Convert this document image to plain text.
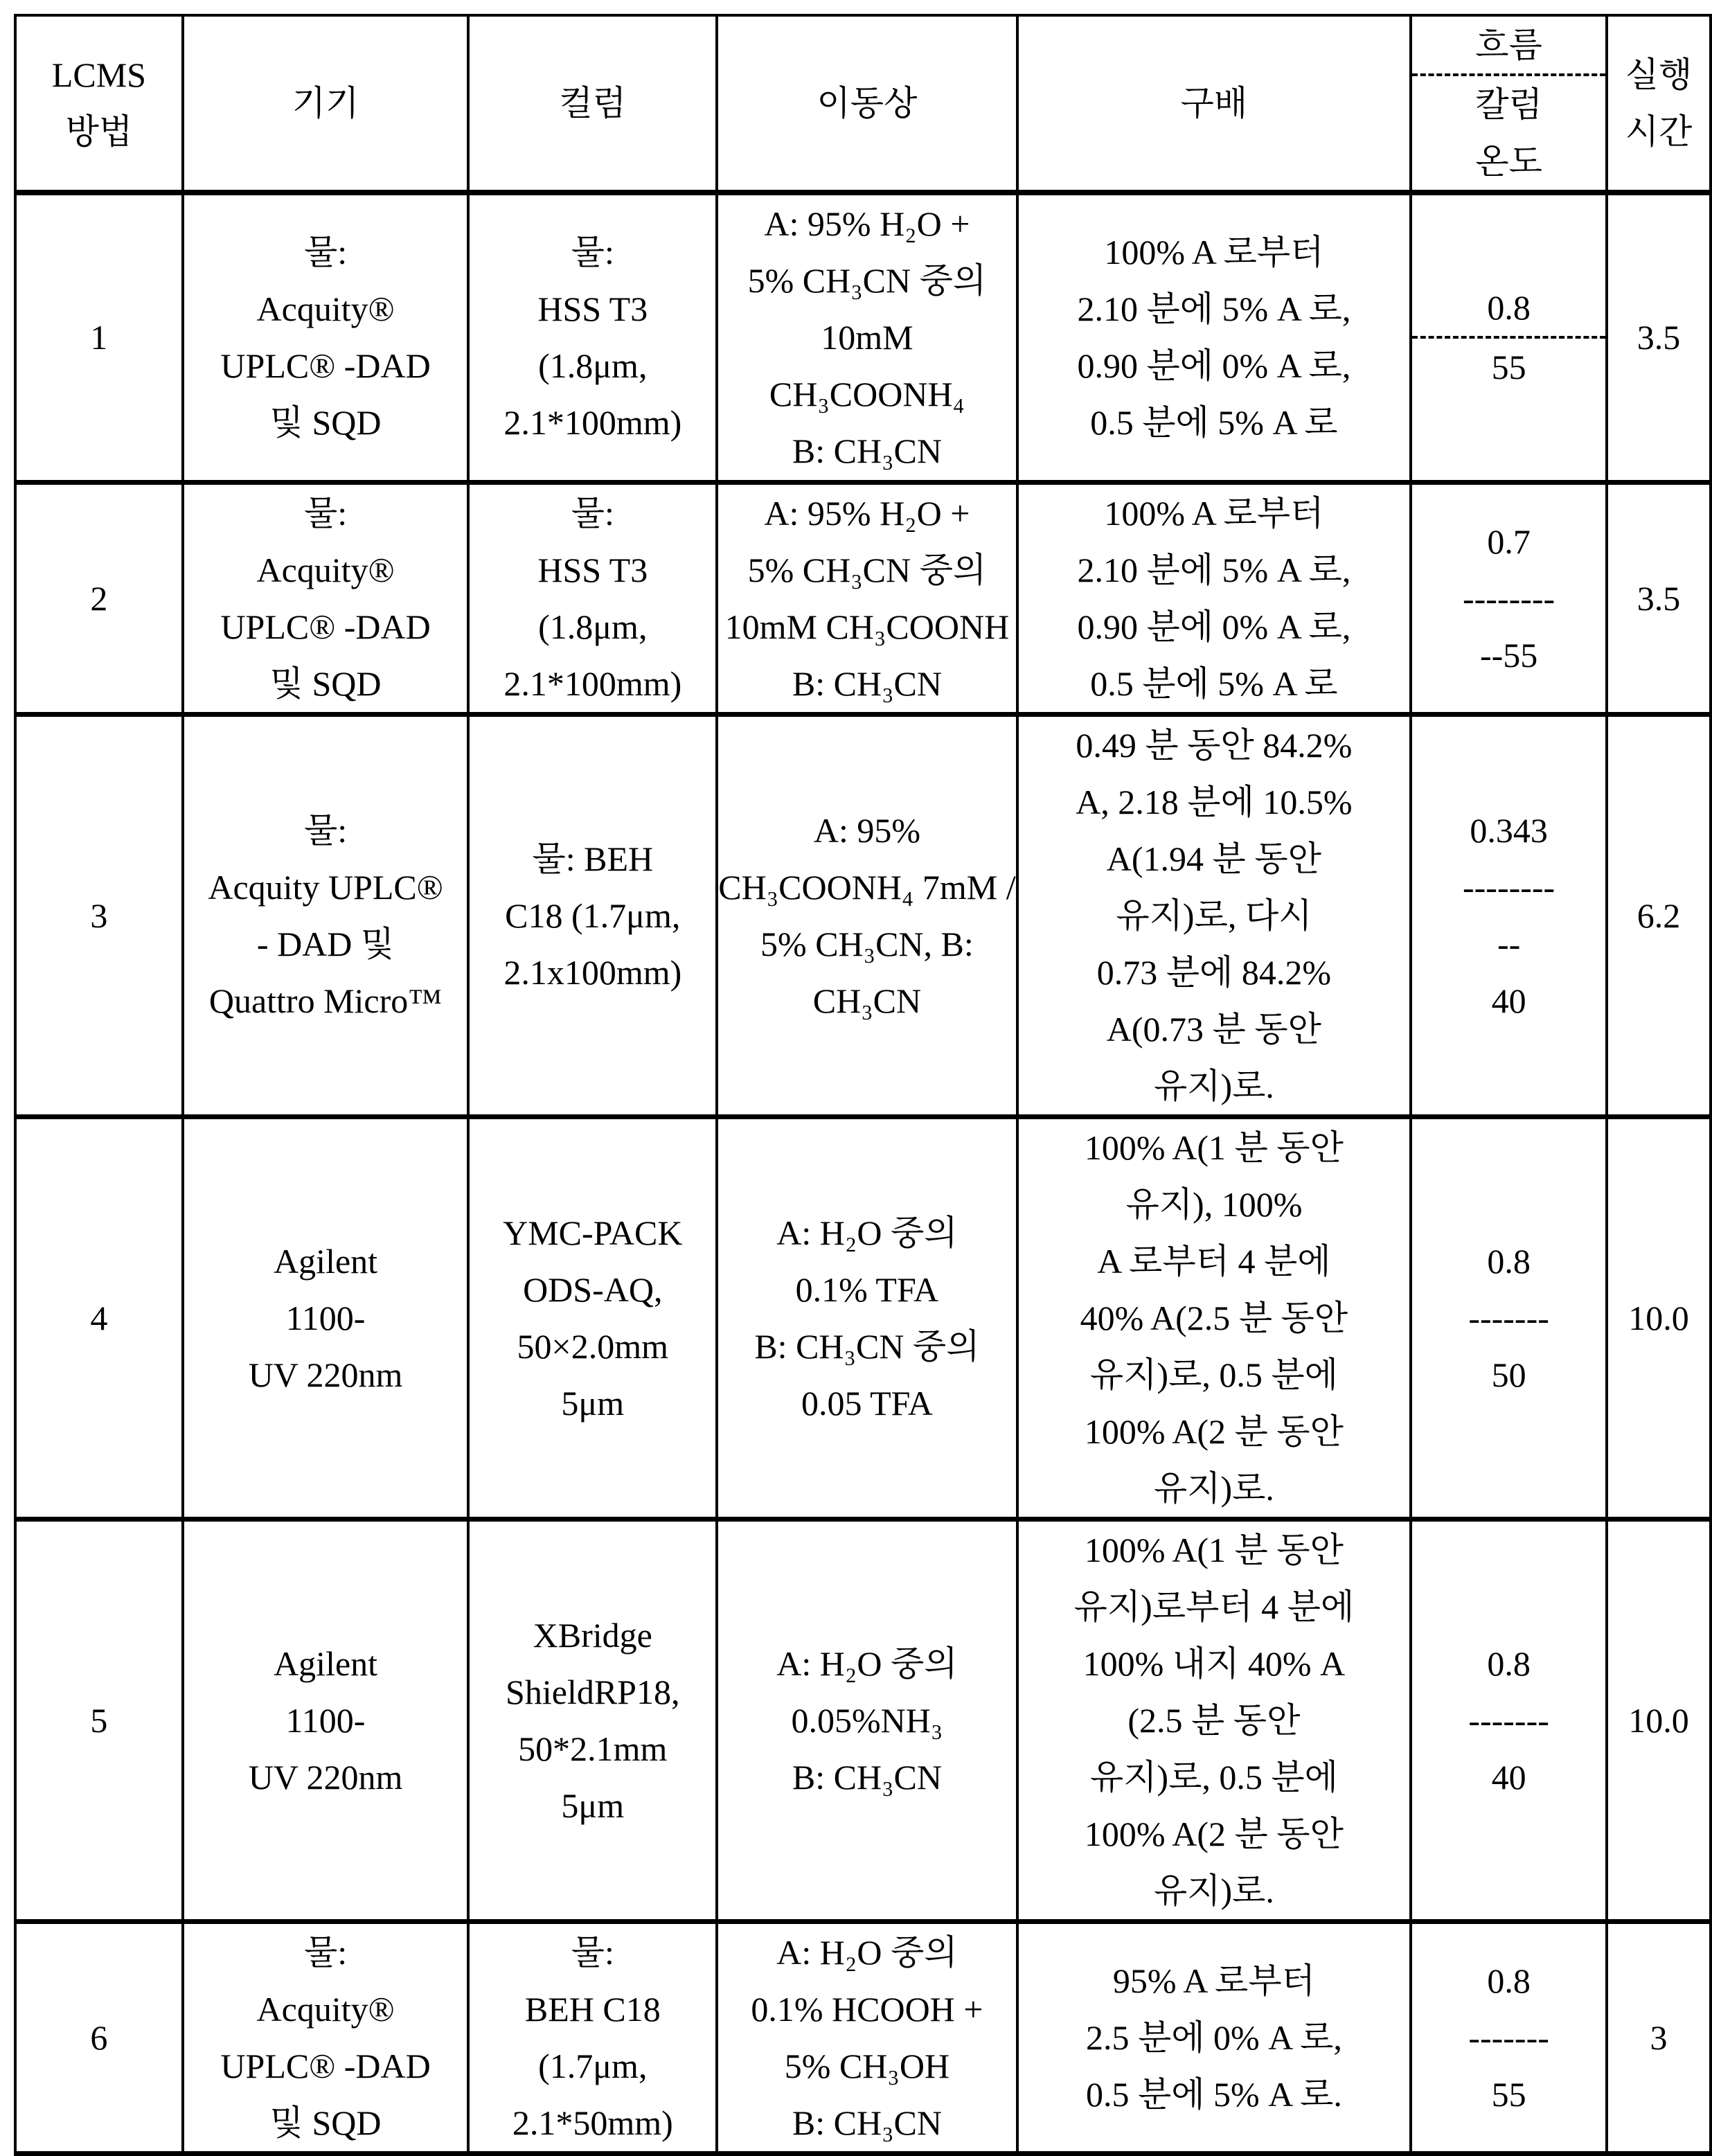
LCMS
방법

기기	컬럼	이동상	구배

흐름
칼럼
온도

실행
시간

1

물:
Acquity®
UPLC® -DAD
및 SQD

물:
HSS T3
(1.8μm,
2.1*100mm)

A: 95% H₂O +
5% CH₃CN 중의
10mM
CH₃COONH₄
B: CH₃CN

100% A 로부터
2.10 분에 5% A 로,
0.90 분에 0% A 로,
0.5 분에 5% A 로

0.8
55

3.5

2

물:
Acquity®
UPLC® -DAD
및 SQD

물:
HSS T3
(1.8μm,
2.1*100mm)

A: 95% H₂O +
5% CH₃CN 중의
10mM CH₃COONH
B: CH₃CN

100% A 로부터
2.10 분에 5% A 로,
0.90 분에 0% A 로,
0.5 분에 5% A 로

0.7
--------
--55

3.5

3

물:
Acquity UPLC®
- DAD 및
Quattro Micro™

물: BEH
C18 (1.7μm,
2.1x100mm)

A: 95%
CH₃COONH₄ 7mM /
5% CH₃CN, B:
CH₃CN

0.49 분 동안 84.2%
A, 2.18 분에 10.5%
A(1.94 분 동안
유지)로, 다시
0.73 분에 84.2%
A(0.73 분 동안
유지)로.

0.343
--------
--
40

6.2

4

Agilent
1100-
UV 220nm

YMC-PACK
ODS-AQ,
50×2.0mm
5μm

A: H₂O 중의
0.1% TFA
B: CH₃CN 중의
0.05 TFA

100% A(1 분 동안
유지), 100%
A 로부터 4 분에
40% A(2.5 분 동안
유지)로, 0.5 분에
100% A(2 분 동안
유지)로.

0.8
-------
50

10.0

5

Agilent
1100-
UV 220nm

XBridge
ShieldRP18,
50*2.1mm
5μm

A: H₂O 중의
0.05%NH₃
B: CH₃CN

100% A(1 분 동안
유지)로부터 4 분에
100% 내지 40% A
(2.5 분 동안
유지)로, 0.5 분에
100% A(2 분 동안
유지)로.

0.8
-------
40

10.0

6

물:
Acquity®
UPLC® -DAD
및 SQD

물:
BEH C18
(1.7μm,
2.1*50mm)

A: H₂O 중의
0.1% HCOOH +
5% CH₃OH
B: CH₃CN

95% A 로부터
2.5 분에 0% A 로,
0.5 분에 5% A 로.

0.8
-------
55

3
